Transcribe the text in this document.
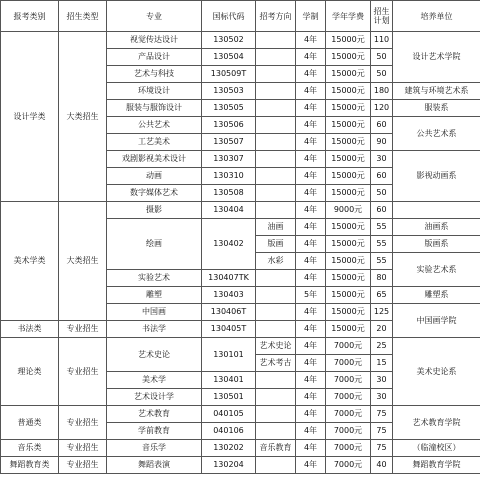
报考类别	招生类型	专业	国标代码	招考方向	学制	学年学费	招生计划	培养单位
设计学类	大类招生	视觉传达设计	130502		4年	15000元	110	设计艺术学院
		产品设计	130504		4年	15000元	50	
		艺术与科技	130509T		4年	15000元	50	
		环境设计	130503		4年	15000元	180	建筑与环境艺术系
		服装与服饰设计	130505		4年	15000元	120	服装系
		公共艺术	130506		4年	15000元	60	公共艺术系
		工艺美术	130507		4年	15000元	90	
		戏剧影视美术设计	130307		4年	15000元	30	影视动画系
		动画	130310		4年	15000元	60	
		数字媒体艺术	130508		4年	15000元	50	
美术学类	大类招生	摄影	130404		4年	9000元	60	
		绘画	130402	油画	4年	15000元	55	油画系
				版画	4年	15000元	55	版画系
				水彩	4年	15000元	55	实验艺术系
		实验艺术	130407TK		4年	15000元	80	
		雕塑	130403		5年	15000元	65	雕塑系
		中国画	130406T		4年	15000元	125	中国画学院
书法类	专业招生	书法学	130405T		4年	15000元	20	
理论类	专业招生	艺术史论	130101	艺术史论	4年	7000元	25	美术史论系
				艺术考古	4年	7000元	15	
		美术学	130401		4年	7000元	30	
		艺术设计学	130501		4年	7000元	30	
普通类	专业招生	艺术教育	040105		4年	7000元	75	艺术教育学院
		学前教育	040106		4年	7000元	75	
音乐类	专业招生	音乐学	130202	音乐教育	4年	7000元	75	（临潼校区）
舞蹈教育类	专业招生	舞蹈表演	130204		4年	7000元	40	舞蹈教育学院
